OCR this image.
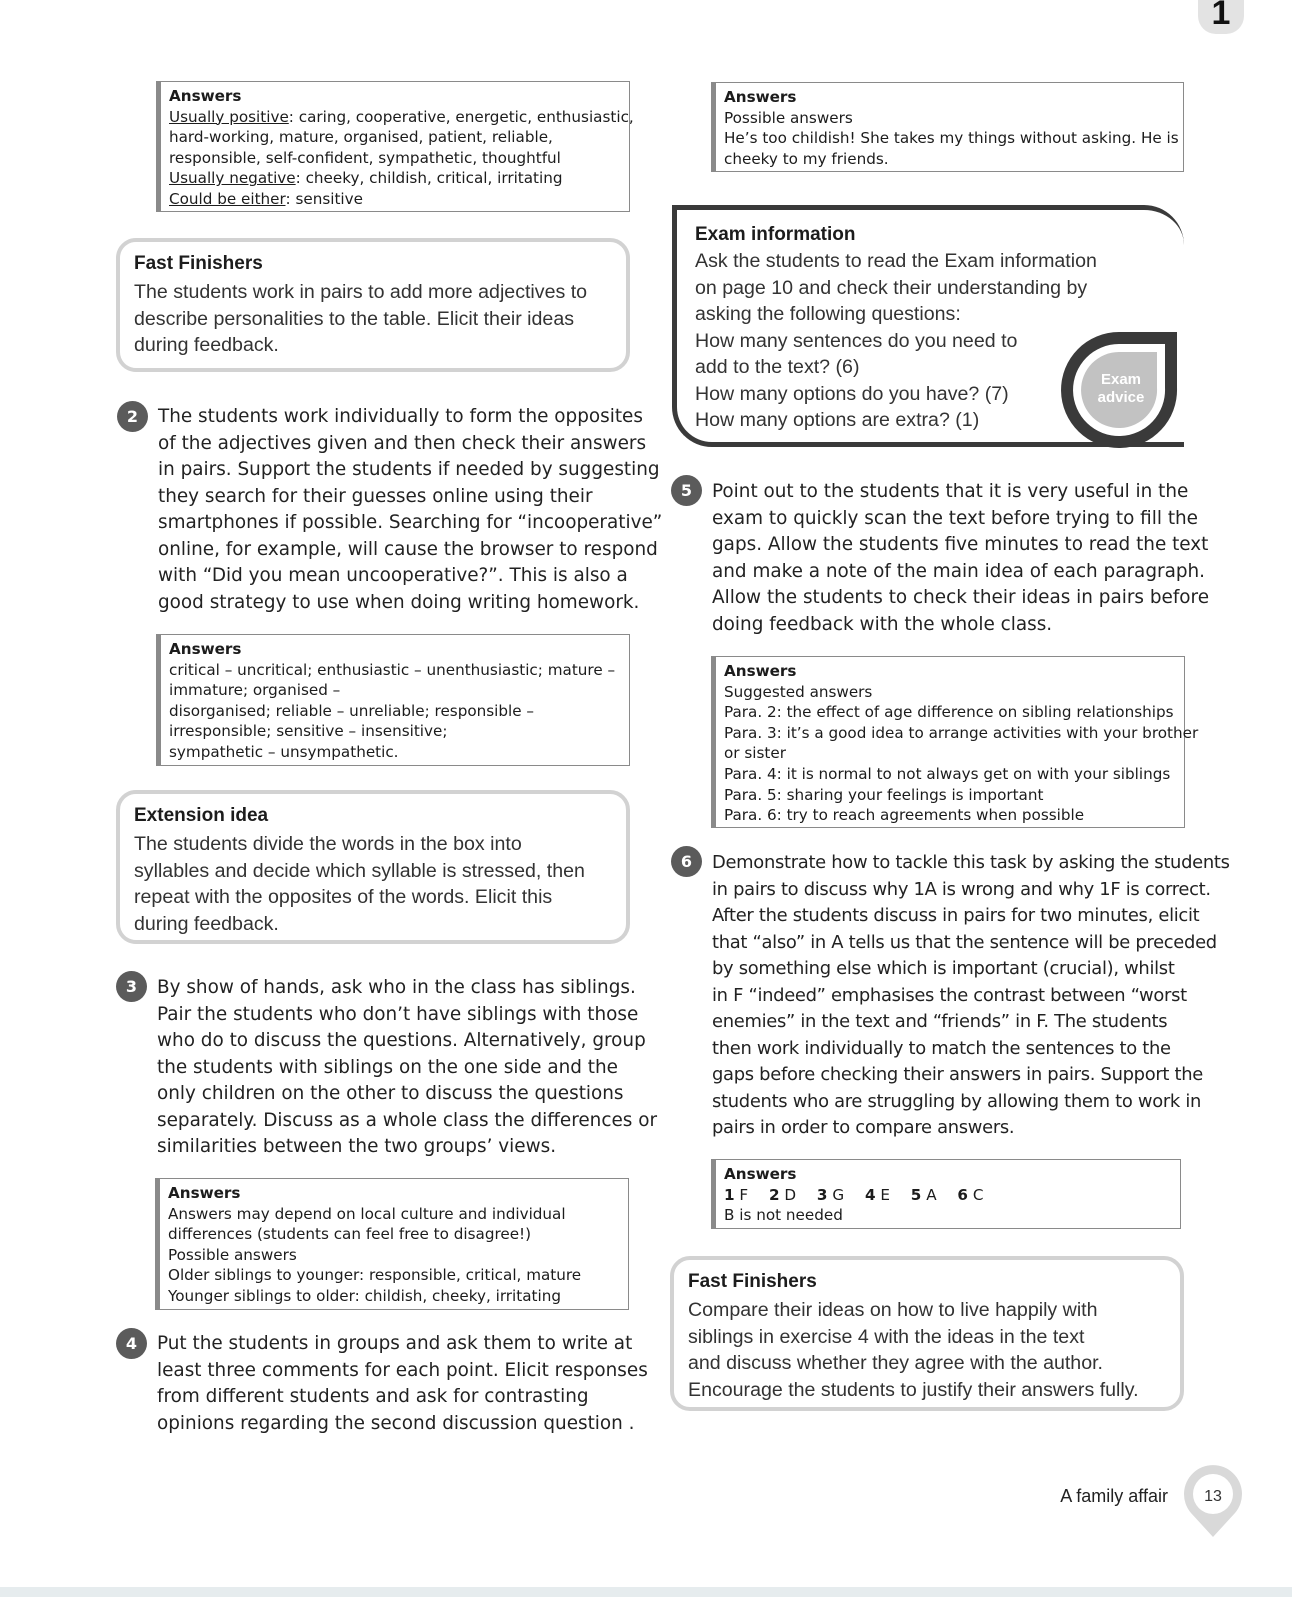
1
Answers
Usually positive: caring, cooperative, energetic, enthusiastic,
hard-working, mature, organised, patient, reliable,
responsible, self-confident, sympathetic, thoughtful
Usually negative: cheeky, childish, critical, irritating
Could be either: sensitive
Fast Finishers
The students work in pairs to add more adjectives to
describe personalities to the table. Elicit their ideas
during feedback.
2	The students work individually to form the opposites
of the adjectives given and then check their answers
in pairs. Support the students if needed by suggesting
they search for their guesses online using their
smartphones if possible. Searching for “incooperative”
online, for example, will cause the browser to respond
with “Did you mean uncooperative?”. This is also a
good strategy to use when doing writing homework.
Answers
critical – uncritical; enthusiastic – unenthusiastic; mature –
immature; organised –
disorganised; reliable – unreliable; responsible –
irresponsible; sensitive – insensitive;
sympathetic – unsympathetic.
Extension idea
The students divide the words in the box into
syllables and decide which syllable is stressed, then
repeat with the opposites of the words. Elicit this
during feedback.
3	By show of hands, ask who in the class has siblings.
Pair the students who don’t have siblings with those
who do to discuss the questions. Alternatively, group
the students with siblings on the one side and the
only children on the other to discuss the questions
separately. Discuss as a whole class the differences or
similarities between the two groups’ views.
Answers
Answers may depend on local culture and individual
differences (students can feel free to disagree!)
Possible answers
Older siblings to younger: responsible, critical, mature
Younger siblings to older: childish, cheeky, irritating
4	Put the students in groups and ask them to write at
least three comments for each point. Elicit responses
from different students and ask for contrasting
opinions regarding the second discussion question .
Answers
Possible answers
He’s too childish! She takes my things without asking. He is
cheeky to my friends.
Exam information
Ask the students to read the Exam information
on page 10 and check their understanding by
asking the following questions:
How many sentences do you need to
add to the text? (6)
How many options do you have? (7)
How many options are extra? (1)
Exam
advice
5	Point out to the students that it is very useful in the
exam to quickly scan the text before trying to fill the
gaps. Allow the students five minutes to read the text
and make a note of the main idea of each paragraph.
Allow the students to check their ideas in pairs before
doing feedback with the whole class.
Answers
Suggested answers
Para. 2: the effect of age difference on sibling relationships
Para. 3: it’s a good idea to arrange activities with your brother
or sister
Para. 4: it is normal to not always get on with your siblings
Para. 5: sharing your feelings is important
Para. 6: try to reach agreements when possible
6	Demonstrate how to tackle this task by asking the students
in pairs to discuss why 1A is wrong and why 1F is correct.
After the students discuss in pairs for two minutes, elicit
that “also” in A tells us that the sentence will be preceded
by something else which is important (crucial), whilst
in F “indeed” emphasises the contrast between “worst
enemies” in the text and “friends” in F. The students
then work individually to match the sentences to the
gaps before checking their answers in pairs. Support the
students who are struggling by allowing them to work in
pairs in order to compare answers.
Answers
1 F 2 D 3 G 4 E 5 A 6 C
B is not needed
Fast Finishers
Compare their ideas on how to live happily with
siblings in exercise 4 with the ideas in the text
and discuss whether they agree with the author.
Encourage the students to justify their answers fully.
A family affair 13
